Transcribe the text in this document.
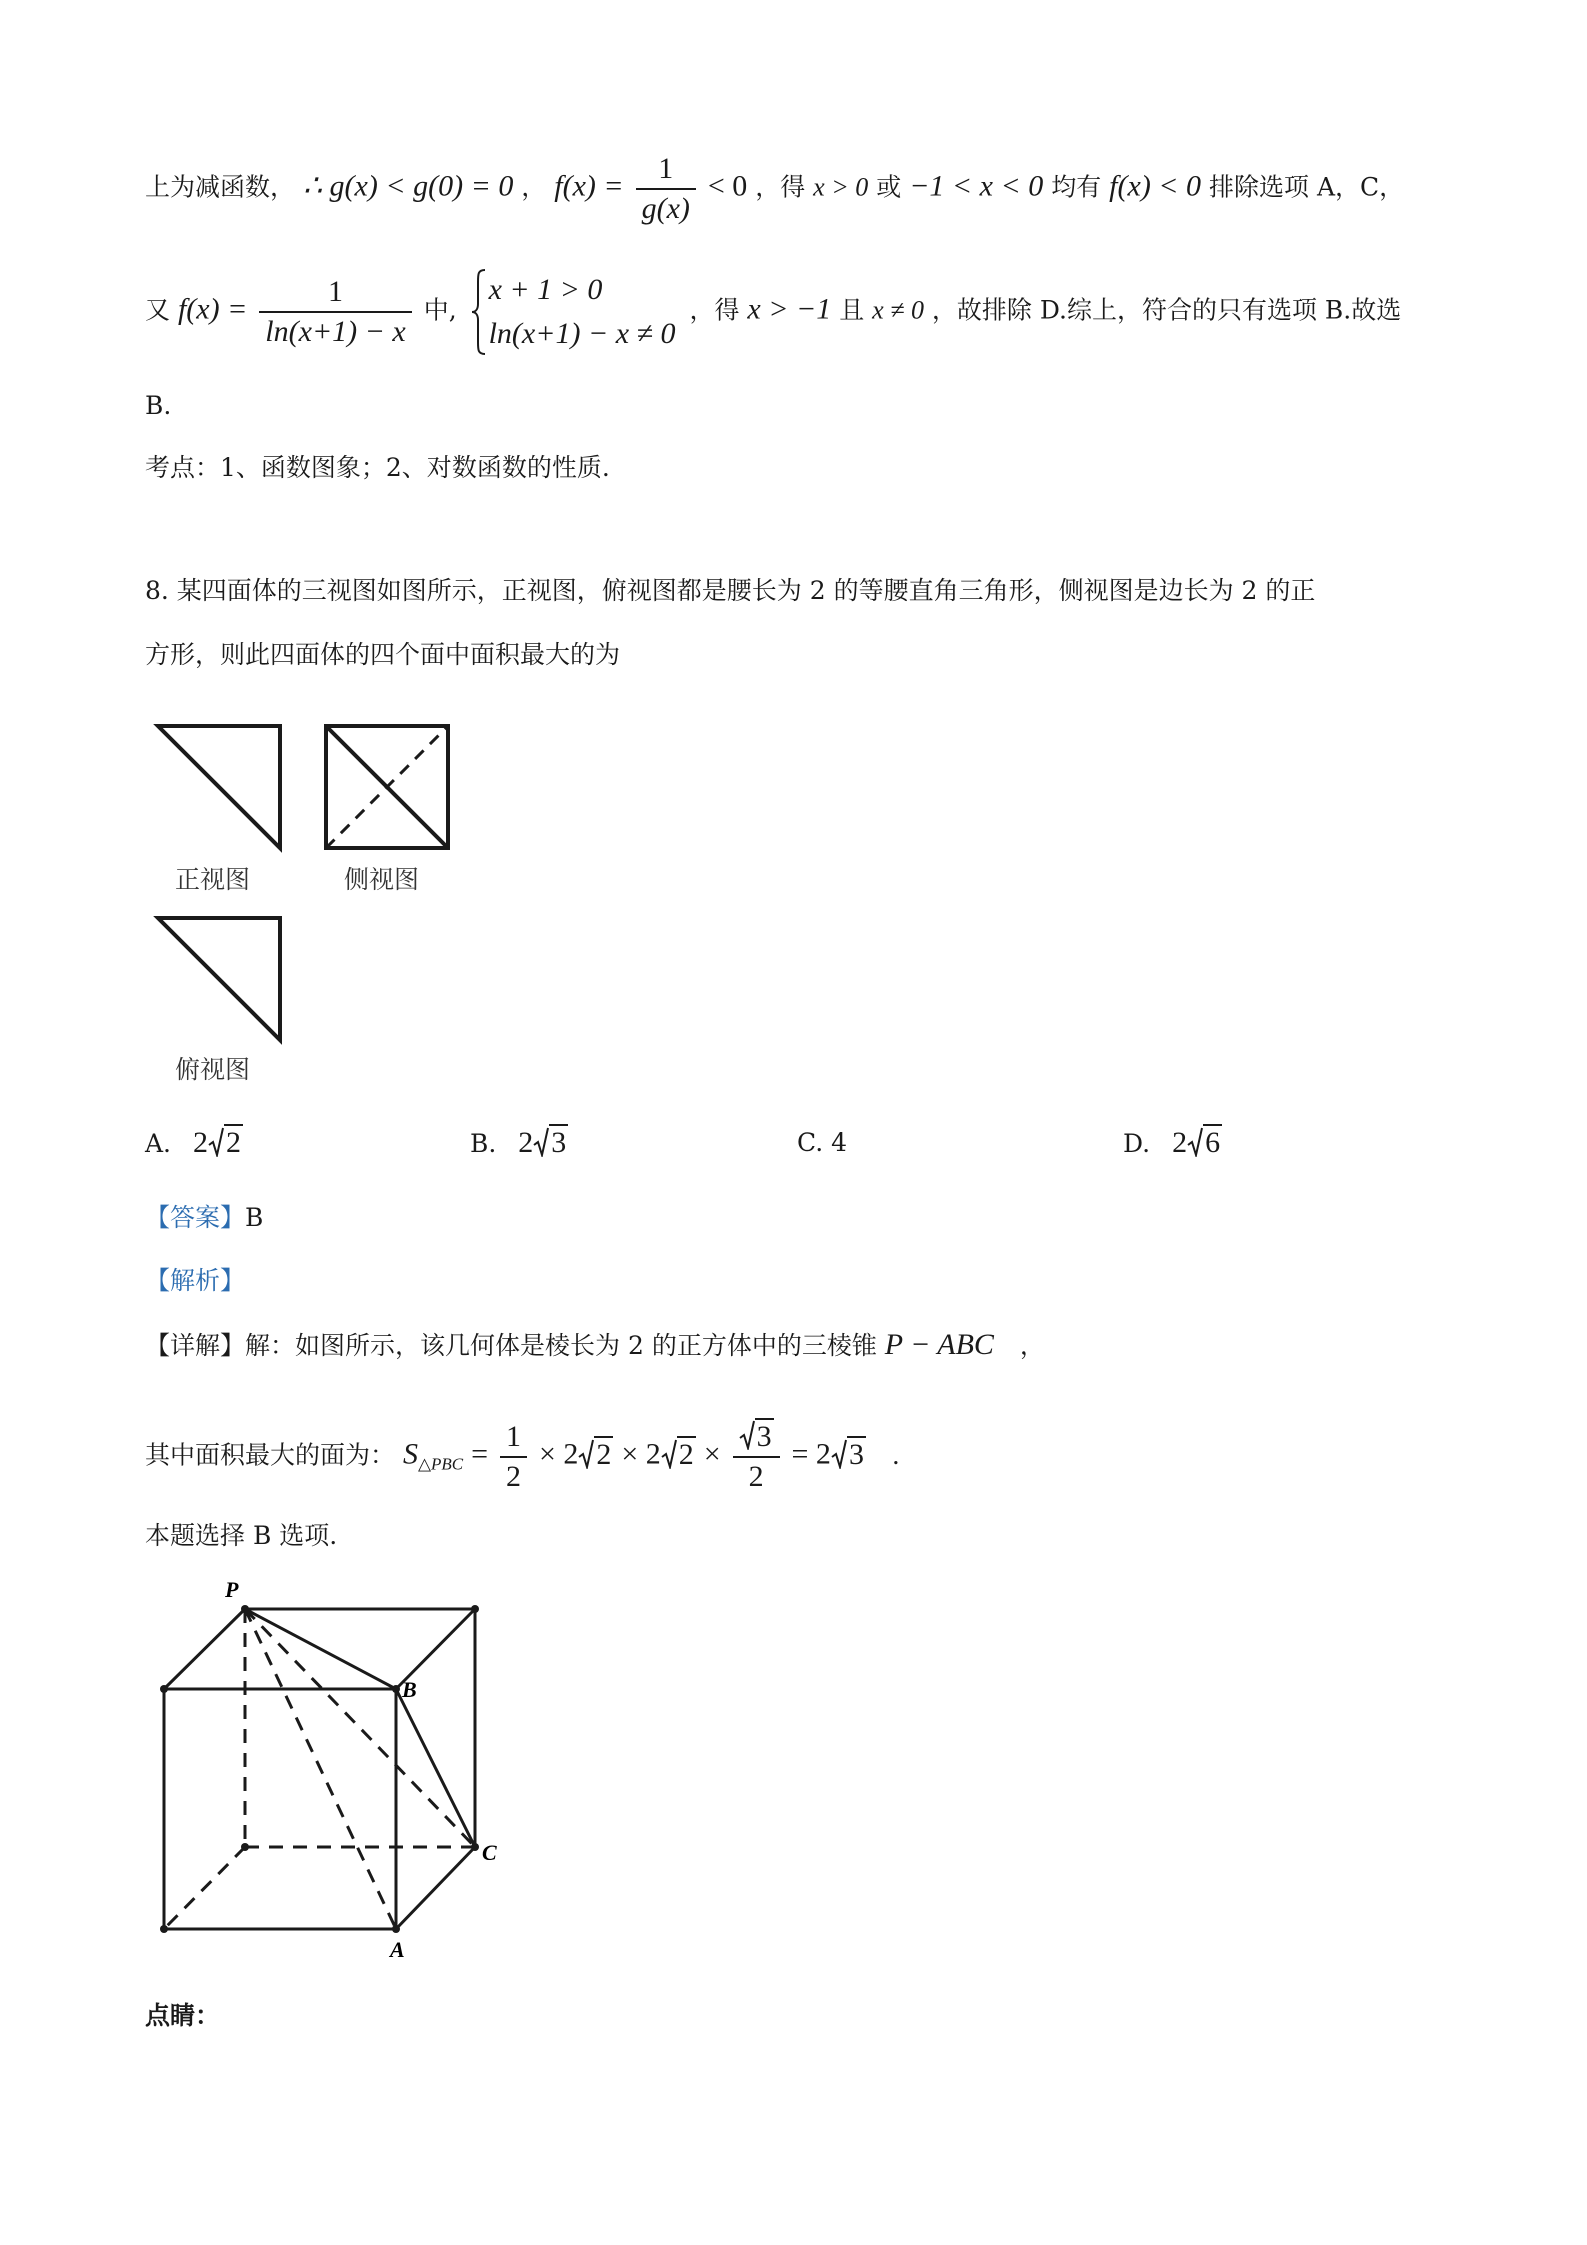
上为减函数， ∴ g(x) < g(0) = 0 ， $f(x) = \frac{1}{g(x)} < 0$ ，得 x > 0 或 −1 < x < 0 均有 f(x) < 0 排除选项 A，C，
又 $f(x) = \frac{1}{\ln(x+1) - x}$ 中,
x + 1 > 0
ln(x+1) − x ≠ 0
，得 x > −1 且 x ≠ 0 ，故排除 D.综上，符合的只有选项 B.故选
B.
考点：1、函数图象；2、对数函数的性质.
8. 某四面体的三视图如图所示，正视图，俯视图都是腰长为 2 的等腰直角三角形，侧视图是边长为 2 的正
方形，则此四面体的四个面中面积最大的为
正视图	侧视图
俯视图
A. 2 2	B. 2 3	C. 4	D. 2 6
【答案】B
【解析】
【详解】解：如图所示，该几何体是棱长为 2 的正方体中的三棱锥 P − ABC ，
其中面积最大的面为： $S_{\triangle PBC} = \frac{1}{2} \times 2$ 2 × 2 $2 \times \frac{3}{2} = 2$ 3 .
本题选择 B 选项.
P
B
C
A
点睛：
